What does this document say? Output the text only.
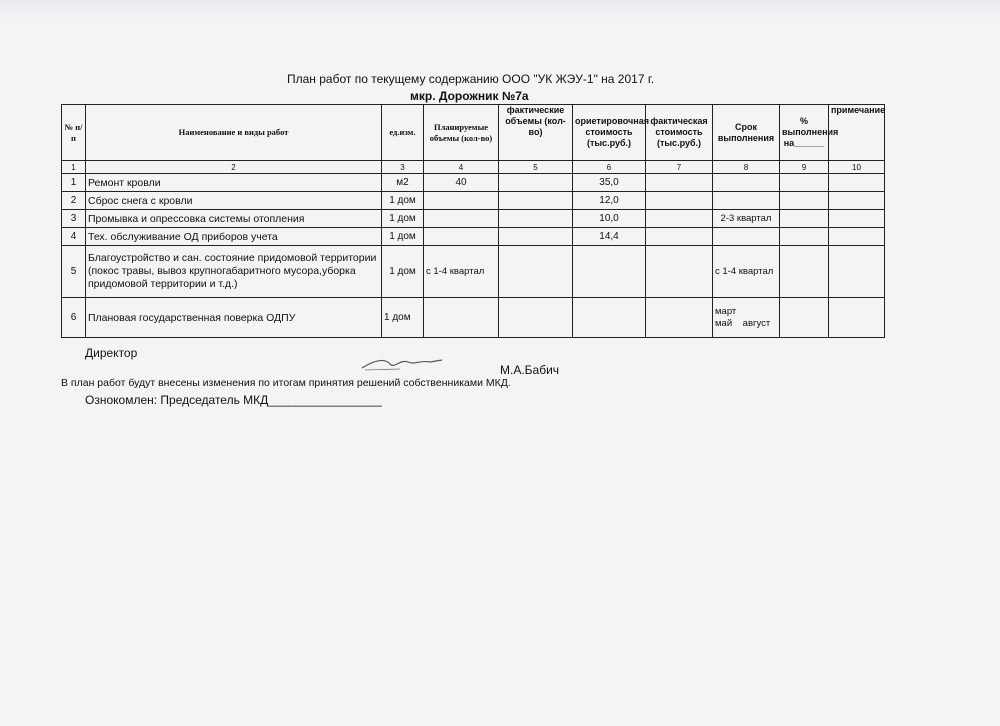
План работ по текущему содержанию ООО "УК ЖЭУ-1" на 2017 г.
мкр. Дорожник №7а
№ п/п	Наименование и виды работ	ед.изм.	Планируемые объемы (кол-во)	фактические объемы (кол-во)	ориетировочная стоимость (тыс.руб.)	фактическая стоимость (тыс.руб.)	Срок выполнения	% выполнения на______	примечание
1	2	3	4	5	6	7	8	9	10
1	Ремонт кровли	м2	40		35,0				
2	Сброс снега с кровли	1 дом			12,0				
3	Промывка и опрессовка системы отопления	1 дом			10,0		2-3 квартал		
4	Тех. обслуживание ОД приборов учета	1 дом			14,4				
5	Благоустройство и сан. состояние придомовой территории (покос травы, вывоз крупногабаритного мусора,уборка придомовой территории и т.д.)	1 дом	с 1-4 квартал				с 1-4 квартал		
6	Плановая государственная поверка ОДПУ	1 дом					март
май    август		
Директор
М.А.Бабич
В план работ будут внесены изменения по итогам принятия решений собственниками МКД.
Ознокомлен: Председатель МКД_________________
